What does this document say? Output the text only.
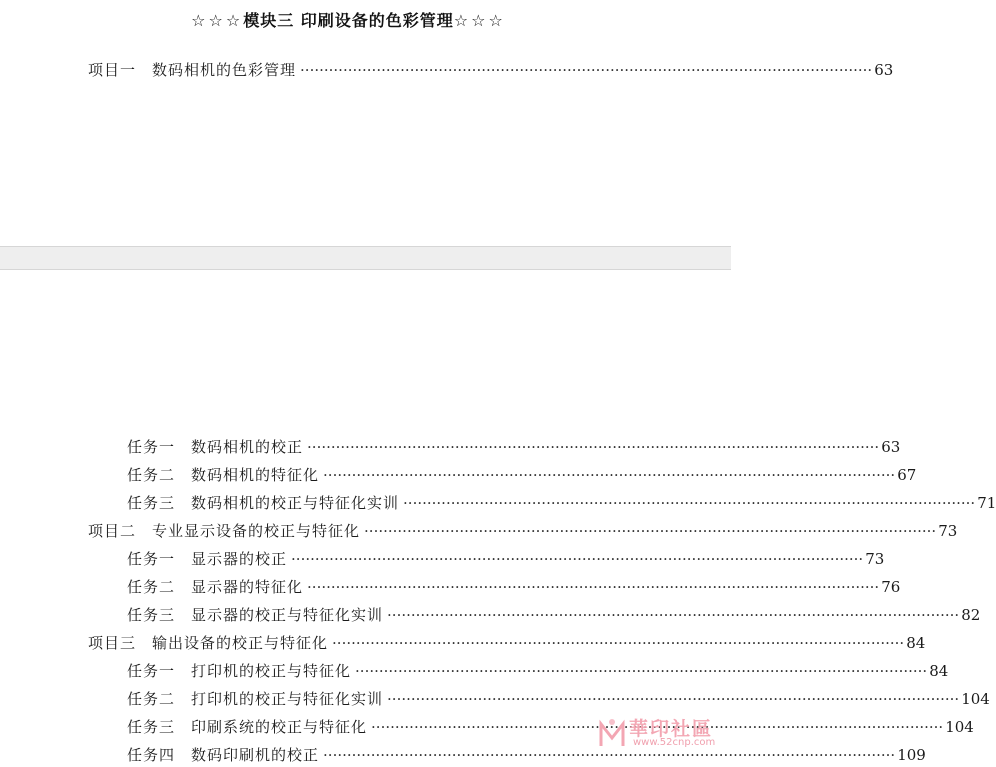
☆☆☆模块三 印刷设备的色彩管理☆☆☆
项目一 数码相机的色彩管理 ·····	63
任务一 数码相机的校正 ·····	63
任务二 数码相机的特征化 ·····	67
任务三 数码相机的校正与特征化实训 ·····	71
项目二 专业显示设备的校正与特征化 ·····	73
任务一 显示器的校正 ·····	73
任务二 显示器的特征化 ·····	76
任务三 显示器的校正与特征化实训 ·····	82
项目三 输出设备的校正与特征化 ·····	84
任务一 打印机的校正与特征化 ·····	84
任务二 打印机的校正与特征化实训 ·····	104
任务三 印刷系统的校正与特征化 ·····	104
任务四 数码印刷机的校正 ·····	109
華印社區
www.52cnp.com
